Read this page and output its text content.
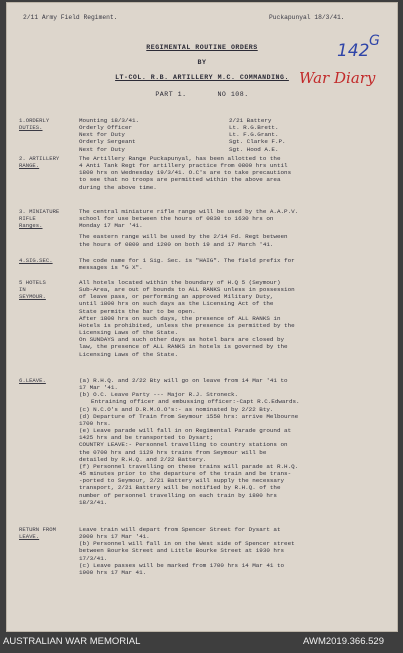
2/11 Army Field Regiment.	Puckapunyal 18/3/41.
REGIMENTAL ROUTINE ORDERS
BY
LT-COL. R.B. ARTILLERY M.C. COMMANDING.
PART 1.	NO 108.
142 G
War Diary
1.ORDERLY
DUTIES.
Mounting 18/3/41.	2/21 Battery
Orderly Officer	Lt. R.G.Brett.
Next for Duty	Lt. F.G.Grant.
Orderly Sergeant	Sgt. Clarke F.P.
Next for Duty	Sgt. Hood A.E.
2. ARTILLERY
RANGE.
The Artillery Range Puckapunyal, has been allotted to the
4 Anti Tank Regt for artillery practice from 0800 hrs until
1800 hrs on Wednesday 19/3/41. O.C's are to take precautions
to see that no troops are permitted within the above area
during the above time.
3. MINIATURE
RIFLE
Ranges.
The central miniature rifle range will be used by the A.A.P.V.
school for use between the hours of 0830 to 1630 hrs on
Monday 17 Mar '41.
The eastern range will be used by the 2/14 Fd. Regt between
the hours of 0800 and 1200 on both 19 and 17 March '41.
4.SIG.SEC.	The code name for 1 Sig. Sec. is "HAIG". The field prefix for
messages is "G X".
5 HOTELS
IN
SEYMOUR.
All hotels located within the boundary of H.Q 5 (Seymour)
Sub-Area, are out of bounds to ALL RANKS unless in possession
of leave pass, or performing an approved Military Duty,
until 1800 hrs on such days as the Licensing Act of the
State permits the bar to be open.
After 1800 hrs on such days, the presence of ALL RANKS in
Hotels is prohibited, unless the presence is permitted by the
Licensing Laws of the State.
On SUNDAYS and such other days as hotel bars are closed by
law, the presence of ALL RANKS in hotels is governed by the
Licensing Laws of the State.
6.LEAVE.	(a) R.H.Q. and 2/22 Bty will go on leave from 14 Mar '41 to
17 Mar '41.
(b) O.C. Leave Party --- Major R.J. Stroneck.
Entraining officer and embussing officer:-Capt R.C.Edwards.
(c) N.C.O's and D.R.M.O.O's:- as nominated by 2/22 Bty.
(d) Departure of Train from Seymour 1550 hrs: arrive Melbourne
1700 hrs.
(e) Leave parade will fall in on Regimental Parade ground at
1425 hrs and be transported to Dysart;
COUNTRY LEAVE:- Personnel travelling to country stations on
the 0700 hrs and 1129 hrs trains from Seymour will be
detailed by R.H.Q. and 2/22 Battery.
(f) Personnel travelling on these trains will parade at R.H.Q.
45 minutes prior to the departure of the train and be trans-
-ported to Seymour, 2/21 Battery will supply the necessary
transport, 2/21 Battery will be notified by R.H.Q. of the
number of personnel travelling on each train by 1800 hrs
18/3/41.
RETURN FROM
LEAVE.
Leave train will depart from Spencer Street for Dysart at
2000 hrs 17 Mar '41.
(b) Personnel will fall in on the West side of Spencer street
between Bourke Street and Little Bourke Street at 1930 hrs
17/3/41.
(c) Leave passes will be marked from 1700 hrs 14 Mar 41 to
1900 hrs 17 Mar 41.
AUSTRALIAN WAR MEMORIAL	AWM2019.366.529
